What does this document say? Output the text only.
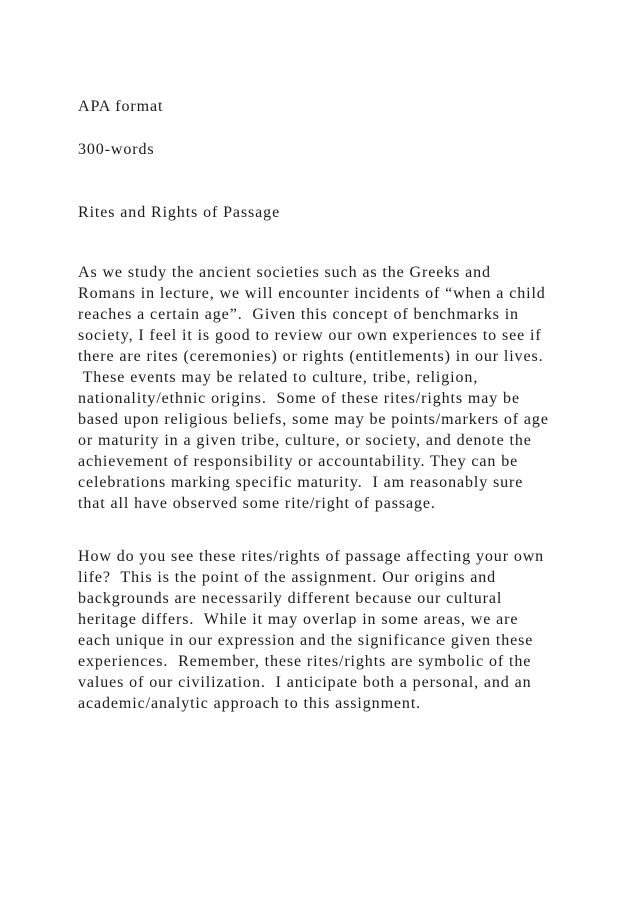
APA format

300-words

Rites and Rights of Passage

As we study the ancient societies such as the Greeks and

Romans in lecture, we will encounter incidents of “when a child

reaches a certain age”.  Given this concept of benchmarks in

society, I feel it is good to review our own experiences to see if

there are rites (ceremonies) or rights (entitlements) in our lives.

These events may be related to culture, tribe, religion,

nationality/ethnic origins.  Some of these rites/rights may be

based upon religious beliefs, some may be points/markers of age

or maturity in a given tribe, culture, or society, and denote the

achievement of responsibility or accountability. They can be

celebrations marking specific maturity.  I am reasonably sure

that all have observed some rite/right of passage.

How do you see these rites/rights of passage affecting your own

life?  This is the point of the assignment. Our origins and

backgrounds are necessarily different because our cultural

heritage differs.  While it may overlap in some areas, we are

each unique in our expression and the significance given these

experiences.  Remember, these rites/rights are symbolic of the

values of our civilization.  I anticipate both a personal, and an

academic/analytic approach to this assignment.
